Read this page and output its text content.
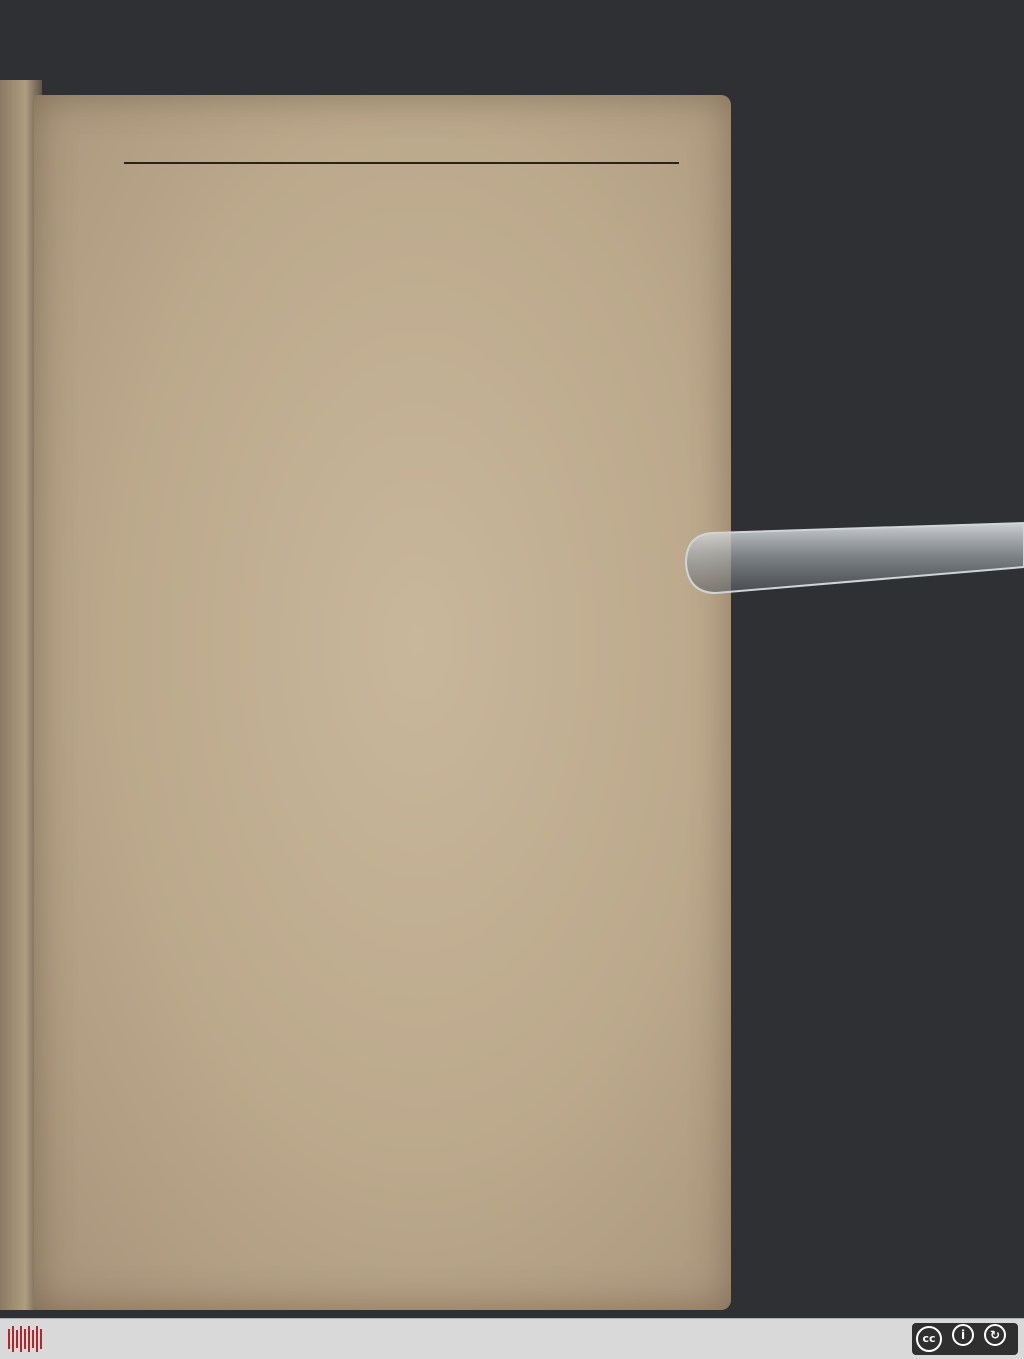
cc	i	↻
